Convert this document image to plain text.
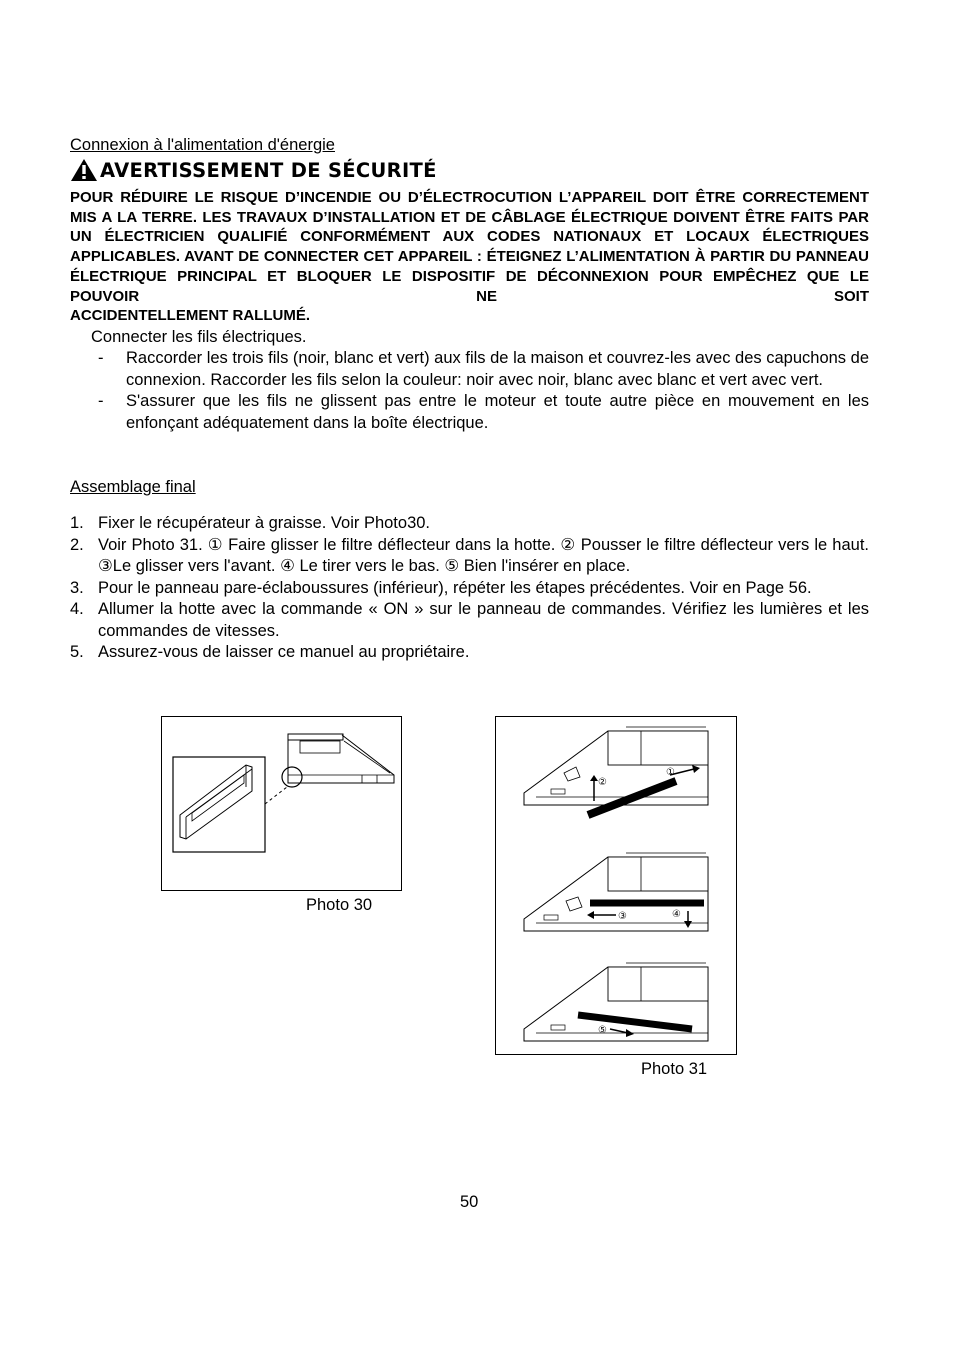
Connexion à l'alimentation d'énergie
AVERTISSEMENT DE SÉCURITÉ
POUR RÉDUIRE LE RISQUE D’INCENDIE OU D’ÉLECTROCUTION L’APPAREIL DOIT ÊTRE CORRECTEMENT MIS A LA TERRE. LES TRAVAUX D’INSTALLATION ET DE CÂBLAGE ÉLECTRIQUE DOIVENT ÊTRE FAITS PAR UN ÉLECTRICIEN QUALIFIÉ CONFORMÉMENT AUX CODES NATIONAUX ET LOCAUX ÉLECTRIQUES APPLICABLES. AVANT DE CONNECTER CET APPAREIL : ÉTEIGNEZ L’ALIMENTATION À PARTIR DU PANNEAU ÉLECTRIQUE PRINCIPAL ET BLOQUER LE DISPOSITIF DE DÉCONNEXION POUR EMPÊCHEZ QUE LE POUVOIR NE SOIT
ACCIDENTELLEMENT RALLUMÉ.
Connecter les fils électriques.
-	Raccorder les trois fils (noir, blanc et vert) aux fils de la maison et couvrez-les avec des capuchons de connexion. Raccorder les fils selon la couleur: noir avec noir, blanc avec blanc et vert avec vert.
-	S'assurer que les fils ne glissent pas entre le moteur et toute autre pièce en mouvement en les enfonçant adéquatement dans la boîte électrique.
Assemblage final
1. Fixer le récupérateur à graisse. Voir Photo30.
2. Voir Photo 31. ① Faire glisser le filtre déflecteur dans la hotte. ② Pousser le filtre déflecteur vers le haut. ③Le glisser vers l'avant. ④ Le tirer vers le bas. ⑤ Bien l'insérer en place.
3. Pour le panneau pare-éclaboussures (inférieur), répéter les étapes précédentes. Voir en Page 56.
4. Allumer la hotte avec la commande « ON » sur le panneau de commandes. Vérifiez les lumières et les commandes de vitesses.
5. Assurez-vous de laisser ce manuel au propriétaire.
Photo 30
②
①
③	④
⑤
Photo 31
50
